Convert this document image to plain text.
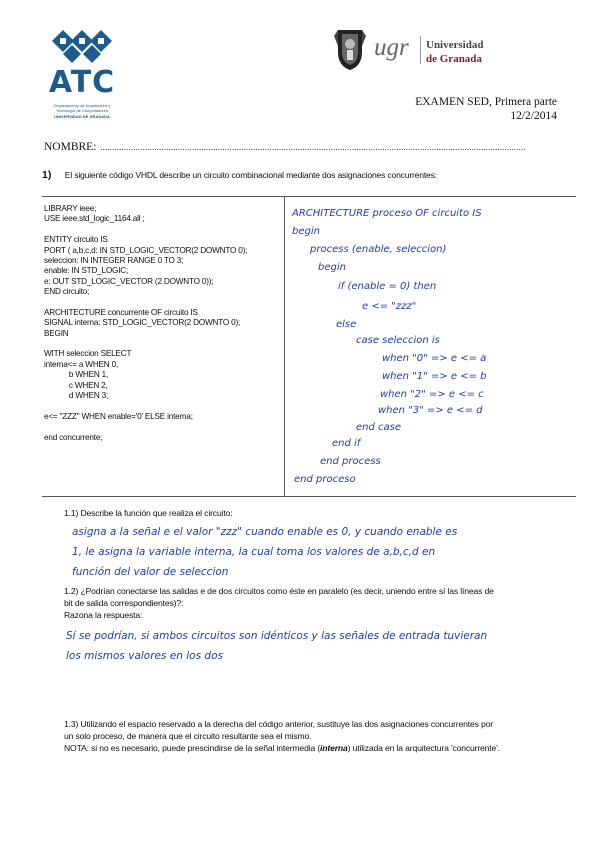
ATC
Departamento de Arquitectura y Tecnología de Computadores
UNIVERSIDAD DE GRANADA
ugr Universidad
de Granada
EXAMEN SED, Primera parte
12/2/2014
NOMBRE: .....................................................................................................................................................................................
1) El siguiente código VHDL describe un circuito combinacional mediante dos asignaciones concurrentes:
LIBRARY ieee;
USE ieee.std_logic_1164.all ;
ENTITY circuito IS
PORT ( a,b,c,d: IN STD_LOGIC_VECTOR(2 DOWNTO 0);
seleccion: IN INTEGER RANGE 0 TO 3;
enable: IN STD_LOGIC;
e: OUT STD_LOGIC_VECTOR (2 DOWNTO 0));
END circuito;
ARCHITECTURE concurrente OF circuito IS
SIGNAL interna: STD_LOGIC_VECTOR(2 DOWNTO 0);
BEGIN
WITH seleccion SELECT
interna<= a WHEN 0,
b WHEN 1,
c WHEN 2,
d WHEN 3;
e<= "ZZZ" WHEN enable='0' ELSE interna;
end concurrente;
ARCHITECTURE proceso OF circuito IS
begin
process (enable, seleccion)
begin
if (enable = 0) then
e <= "zzz"
else
case seleccion is
when "0" => e <= a
when "1" => e <= b
when "2" => e <= c
when "3" => e <= d
end case
end if
end process
end proceso
1.1) Describe la función que realiza el circuito:
asigna a la señal e el valor "zzz" cuando enable es 0, y cuando enable es
1, le asigna la variable interna, la cual toma los valores de a,b,c,d en
función del valor de seleccion
1.2) ¿Podrían conectarse las salidas e de dos circuitos como éste en paralelo (es decir, uniendo entre sí las líneas de
bit de salida correspondientes)?:
Razona la respuesta:
Sí se podrían, si ambos circuitos son idénticos y las señales de entrada tuvieran
los mismos valores en los dos
1.3) Utilizando el espacio reservado a la derecha del código anterior, sustituye las dos asignaciones concurrentes por
un solo proceso, de manera que el circuito resultante sea el mismo.
NOTA: si no es necesario, puede prescindirse de la señal intermedia (interna) utilizada en la arquitectura 'concurrente'.
